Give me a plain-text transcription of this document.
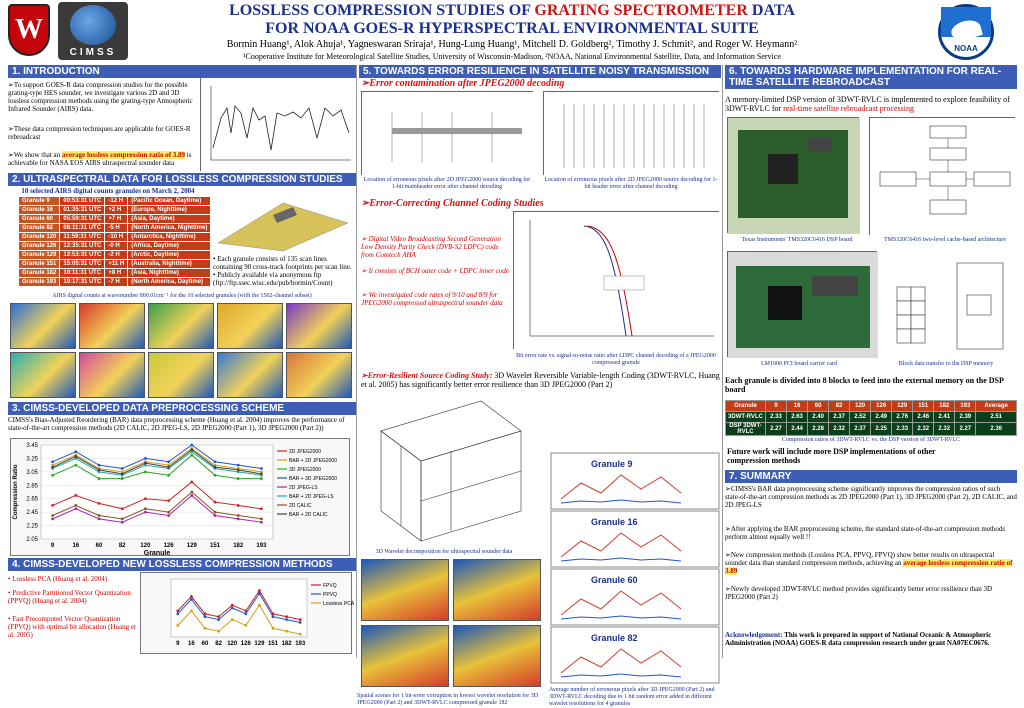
W
CIMSS
LOSSLESS COMPRESSION STUDIES OF GRATING SPECTROMETER DATA
FOR NOAA GOES-R HYPERSPECTRAL ENVIRONMENTAL SUITE
Bormin Huang¹, Alok Ahuja¹, Yagneswaran Sriraja¹, Hung-Lung Huang¹, Mitchell D. Goldberg², Timothy J. Schmit², and Roger W. Heymann²
¹Cooperative Institute for Meteorological Satellite Studies, University of Wisconsin-Madison, ²NOAA, National Environmental Satellite, Data, and Information Service
NOAA
1. INTRODUCTION
➢To support GOES-R data compression studies for the possible grating-type HES sounder, we investigate various 2D and 3D lossless compression methods using the grating-type Atmospheric Infrared Sounder (AIRS) data.
➢These data compression techniques are applicable for GOES-R rebroadcast
➢We show that an average lossless compression ratio of 3.89 is achievable for NASA EOS AIRS ultraspectral sounder data
2. ULTRASPECTRAL DATA FOR LOSSLESS COMPRESSION STUDIES
10 selected AIRS digital counts granules on March 2, 2004
Granule 9	00:53:31 UTC	-12 H	(Pacific Ocean, Daytime)
Granule 16	01:35:31 UTC	+2 H	(Europe, Nighttime)
Granule 60	05:59:31 UTC	+7 H	(Asia, Daytime)
Granule 82	08:11:31 UTC	-5 H	(North America, Nighttime)
Granule 120	11:59:31 UTC	-10 H	(Antarctica, Nighttime)
Granule 126	12:35:31 UTC	-0 H	(Africa, Daytime)
Granule 129	12:53:31 UTC	-2 H	(Arctic, Daytime)
Granule 151	15:05:31 UTC	+11 H	(Australia, Nighttime)
Granule 182	18:11:31 UTC	+8 H	(Asia, Nighttime)
Granule 193	19:17:31 UTC	-7 H	(North America, Daytime)
• Each granule consists of 135 scan lines containing 90 cross-track footprints per scan line.
• Publicly available via anonymous ftp (ftp://ftp.ssec.wisc.edu/pub/bormin/Count)
AIRS digital counts at wavenumber 800.01cm⁻¹ for the 10 selected granules (with the 1502-channel subset)
3. CIMSS-DEVELOPED DATA PREPROCESSING SCHEME
CIMSS's Bias-Adjusted Reordering (BAR) data preprocessing scheme (Huang et al. 2004) improves the performance of state-of-the-art compression methods (2D CALIC, 2D JPEG-LS, 2D JPEG2000 (Part 1), 3D JPEG2000 (Part 2))
2.05
2.25
2.45
2.65
2.85
3.05
3.25
3.45
9	16	60	82 120 126 129 151 182 193
Granule
Compression Ratio
2D JPEG2000
BAR + 2D JPEG2000
3D JPEG2000
BAR + 3D JPEG2000
2D JPEG-LS
BAR + 2D JPEG-LS
2D CALIC
BAR + 2D CALIC
4. CIMSS-DEVELOPED NEW LOSSLESS COMPRESSION METHODS
• Lossless PCA (Huang et al. 2004)
• Predictive Partitioned Vector Quantization (PPVQ) (Huang et al. 2004)
• Fast Precomputed Vector Quantization (FPVQ) with optimal bit allocation (Huang et al. 2005)
9 16 60 82 120 126 129 151 182 193
FPVQ
PPVQ
Lossless PCA
5. TOWARDS ERROR RESILIENCE IN SATELLITE NOISY TRANSMISSION
➢Error contamination after JPEG2000 decoding
Location of erroneous pixels after 2D JPEG2000 source decoding for 1-bit mainheader error after channel decoding
Location of erroneous pixels after 2D JPEG2000 source decoding for 1-bit header error after channel decoding
➢Error-Correcting Channel Coding Studies
➢ Digital Video Broadcasting Second Generation Low Density Parity Check (DVB-S2 LDPC) code from Comtech AHA
➢ It consists of BCH outer code + LDPC inner code
➢ We investigated code rates of 9/10 and 8/9 for JPEG2000 compressed ultraspectral sounder data
Bit error rate vs. signal-to-noise ratio after LDPC channel decoding of a JPEG2000 compressed granule
➢Error-Resilient Source Coding Study: 3D Wavelet Reversible Variable-length Coding (3DWT-RVLC, Huang et al. 2005) has significantly better error resilience than 3D JPEG2000 (Part 2)
3D Wavelet decomposition for ultraspectral sounder data
Spatial scenes for 1 bit-error corruption in lowest wavelet resolution for 3D JPEG2000 (Part 2) and 3DWT-RVLC compressed granule 182
Granule 9
Granule 16
Granule 60
Granule 82
Average number of erroneous pixels after 3D JPEG2000 (Part 2) and 3DWT-RVLC decoding due to 1 bit random error added in different wavelet resolutions for 4 granules
6. TOWARDS HARDWARE IMPLEMENTATION FOR REAL-TIME SATELLITE REBROADCAST
A memory-limited DSP version of 3DWT-RVLC is implemented to explore feasibility of 3DWT-RVLC for real-time satellite rebroadcast processing
Texas Instruments' TMS320C6416 DSP board	TMS320C6416 two-level cache-based architecture
LM1000 PCI board carrier card	Block data transfer to the DSP memory
Each granule is divided into 8 blocks to feed into the external memory on the DSP board
Granule	9	16	60	82	120	126	129	151	182	193	Average
3DWT-RVLC	2.33	2.63	2.40	2.37	2.52	2.49	2.76	2.46	2.41	2.39	2.51
DSP 3DWT-RVLC	2.27	2.44	2.28	2.32	2.37	2.25	2.33	2.32	2.32	2.27	2.36
Compression ratios of 3DWT-RVLC vs. the DSP version of 3DWT-RVLC
Future work will include more DSP implementations of other compression methods
7. SUMMARY
➢CIMSS's BAR data preprocessing scheme significantly improves the compression ratios of such state-of-the-art compression methods as 2D JPEG2000 (Part 1), 3D JPEG2000 (Part 2), 2D CALIC, and 2D JPEG-LS
➢After applying the BAR preprocessing scheme, the standard state-of-the-art compression methods perform almost equally well !!
➢New compression methods (Lossless PCA, PPVQ, FPVQ) show better results on ultraspectral sounder data than standard compression methods, achieving an average lossless compression ratio of 3.89
➢Newly developed 3DWT-RVLC method provides significantly better error resilience than 3D JPEG2000 (Part 2)
Acknowledgement: This work is prepared in support of National Oceanic & Atmospheric Administration (NOAA) GOES-R data compression research under grant NA07EC0676.
